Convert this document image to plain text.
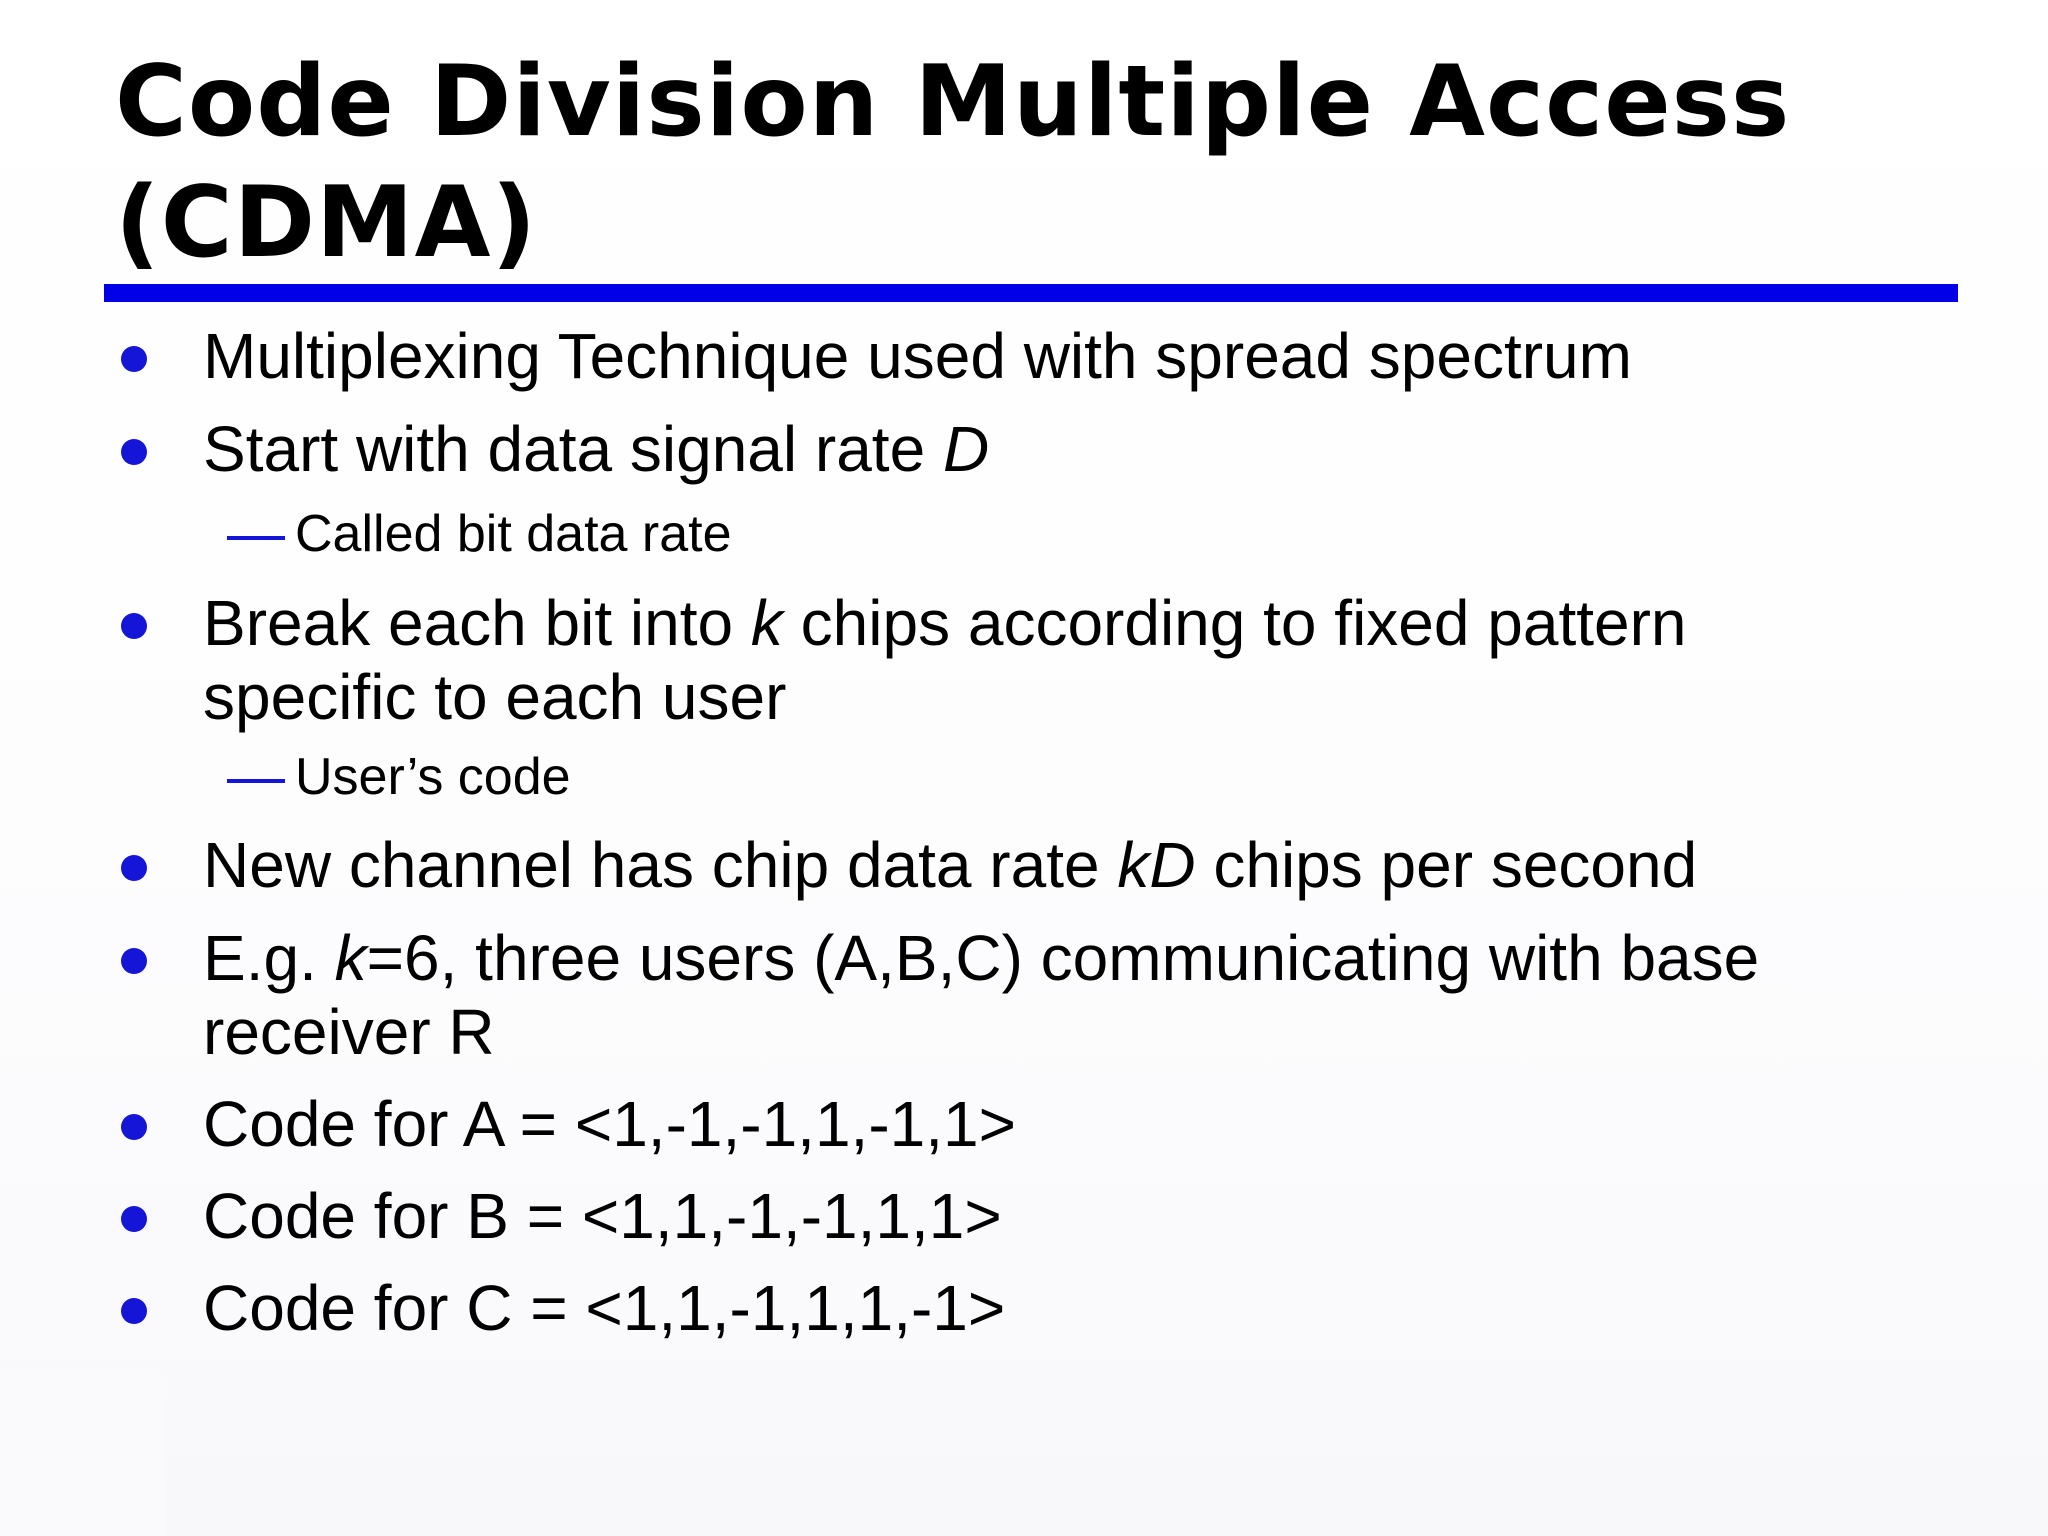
Code Division Multiple Access (CDMA)
Multiplexing Technique used with spread spectrum
Start with data signal rate D
Called bit data rate
Break each bit into k chips according to fixed pattern
specific to each user
User’s code
New channel has chip data rate kD chips per second
E.g. k=6, three users (A,B,C) communicating with base
receiver R
Code for A = <1,-1,-1,1,-1,1>
Code for B = <1,1,-1,-1,1,1>
Code for C = <1,1,-1,1,1,-1>
